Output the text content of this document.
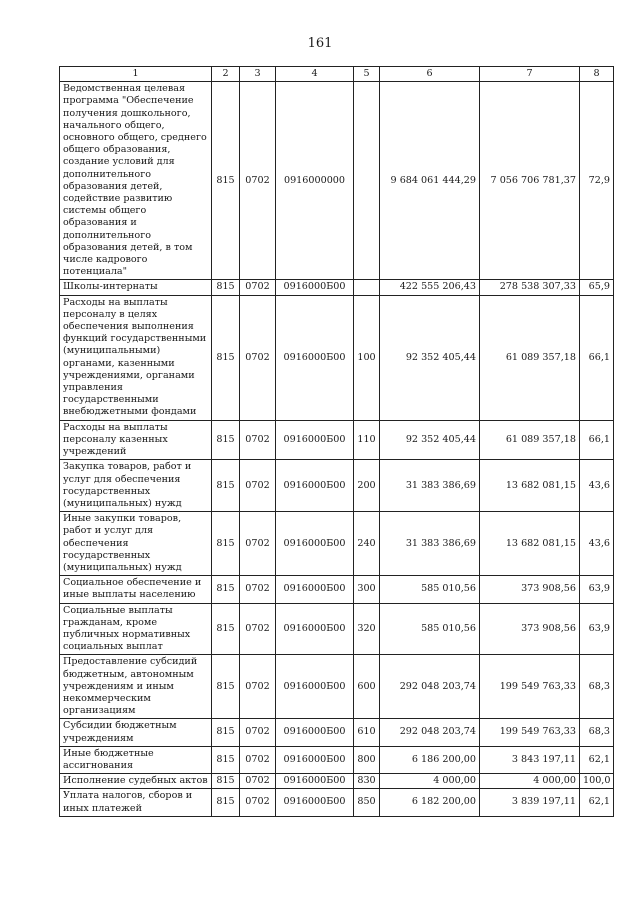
161
1	2	3	4	5	6	7	8
Ведомственная целевая программа "Обеспечение получения дошкольного, начального общего, основного общего, среднего общего образования, создание условий для дополнительного образования детей, содействие развитию системы общего образования и дополнительного образования детей, в том числе кадрового потенциала"	815	0702	0916000000		9 684 061 444,29	7 056 706 781,37	72,9
Школы-интернаты	815	0702	0916000Б00		422 555 206,43	278 538 307,33	65,9
Расходы на выплаты персоналу в целях обеспечения выполнения функций государственными (муниципальными) органами, казенными учреждениями, органами управления государственными внебюджетными фондами	815	0702	0916000Б00	100	92 352 405,44	61 089 357,18	66,1
Расходы на выплаты персоналу казенных учреждений	815	0702	0916000Б00	110	92 352 405,44	61 089 357,18	66,1
Закупка товаров, работ и услуг для обеспечения государственных (муниципальных) нужд	815	0702	0916000Б00	200	31 383 386,69	13 682 081,15	43,6
Иные закупки товаров, работ и услуг для обеспечения государственных (муниципальных) нужд	815	0702	0916000Б00	240	31 383 386,69	13 682 081,15	43,6
Социальное обеспечение и иные выплаты населению	815	0702	0916000Б00	300	585 010,56	373 908,56	63,9
Социальные выплаты гражданам, кроме публичных нормативных социальных выплат	815	0702	0916000Б00	320	585 010,56	373 908,56	63,9
Предоставление субсидий бюджетным, автономным учреждениям и иным некоммерческим организациям	815	0702	0916000Б00	600	292 048 203,74	199 549 763,33	68,3
Субсидии бюджетным учреждениям	815	0702	0916000Б00	610	292 048 203,74	199 549 763,33	68,3
Иные бюджетные ассигнования	815	0702	0916000Б00	800	6 186 200,00	3 843 197,11	62,1
Исполнение судебных актов	815	0702	0916000Б00	830	4 000,00	4 000,00	100,0
Уплата налогов, сборов и иных платежей	815	0702	0916000Б00	850	6 182 200,00	3 839 197,11	62,1
